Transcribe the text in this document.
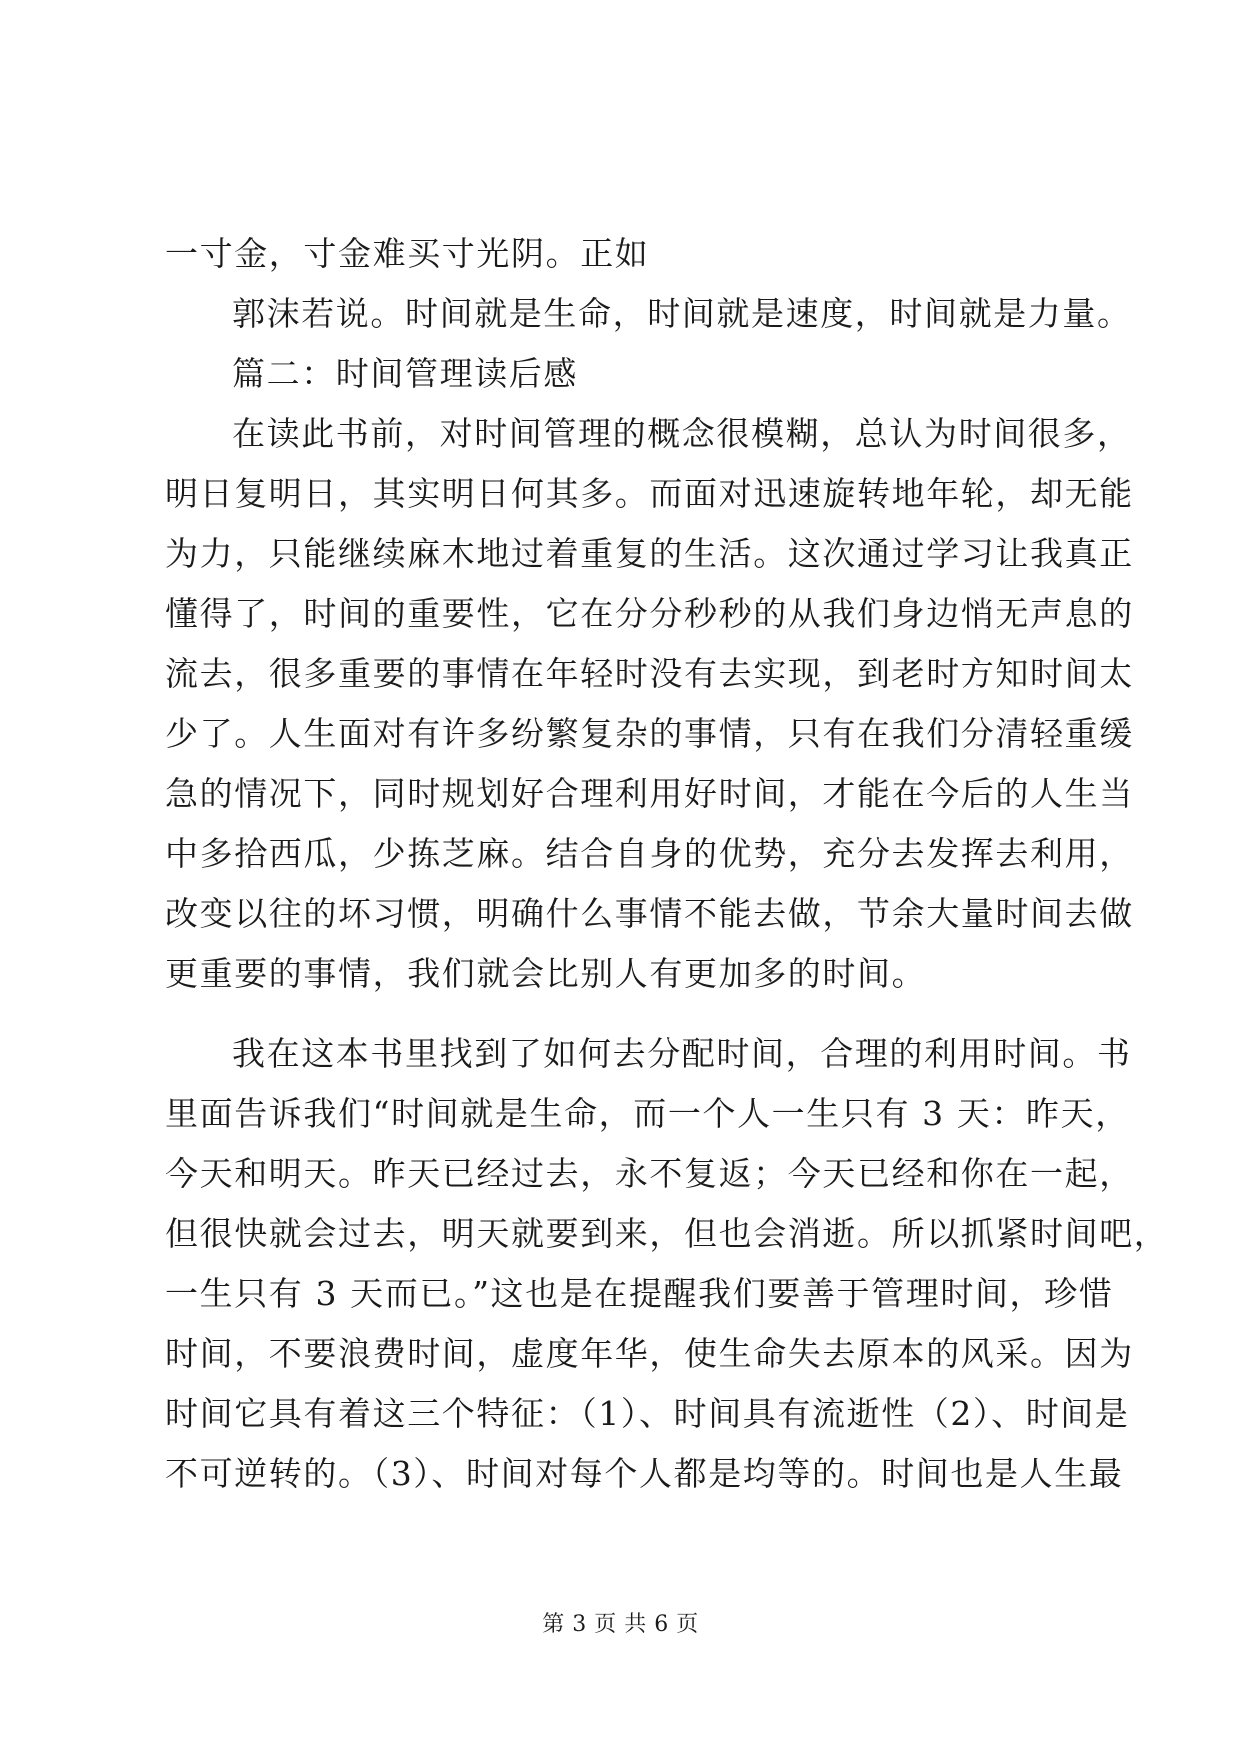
一寸金，寸金难买寸光阴。正如
郭沫若说。时间就是生命，时间就是速度，时间就是力量。
篇二：时间管理读后感
在读此书前，对时间管理的概念很模糊，总认为时间很多，
明日复明日，其实明日何其多。而面对迅速旋转地年轮，却无能
为力，只能继续麻木地过着重复的生活。这次通过学习让我真正
懂得了，时间的重要性，它在分分秒秒的从我们身边悄无声息的
流去，很多重要的事情在年轻时没有去实现，到老时方知时间太
少了。人生面对有许多纷繁复杂的事情，只有在我们分清轻重缓
急的情况下，同时规划好合理利用好时间，才能在今后的人生当
中多拾西瓜，少拣芝麻。结合自身的优势，充分去发挥去利用，
改变以往的坏习惯，明确什么事情不能去做，节余大量时间去做
更重要的事情，我们就会比别人有更加多的时间。
我在这本书里找到了如何去分配时间，合理的利用时间。书
里面告诉我们“时间就是生命，而一个人一生只有 3 天：昨天，
今天和明天。昨天已经过去，永不复返；今天已经和你在一起，
但很快就会过去，明天就要到来，但也会消逝。所以抓紧时间吧，
一生只有 3 天而已。”这也是在提醒我们要善于管理时间，珍惜
时间，不要浪费时间，虚度年华，使生命失去原本的风采。因为
时间它具有着这三个特征：（1）、时间具有流逝性（2）、时间是
不可逆转的。（3）、时间对每个人都是均等的。时间也是人生最
第 3 页 共 6 页
